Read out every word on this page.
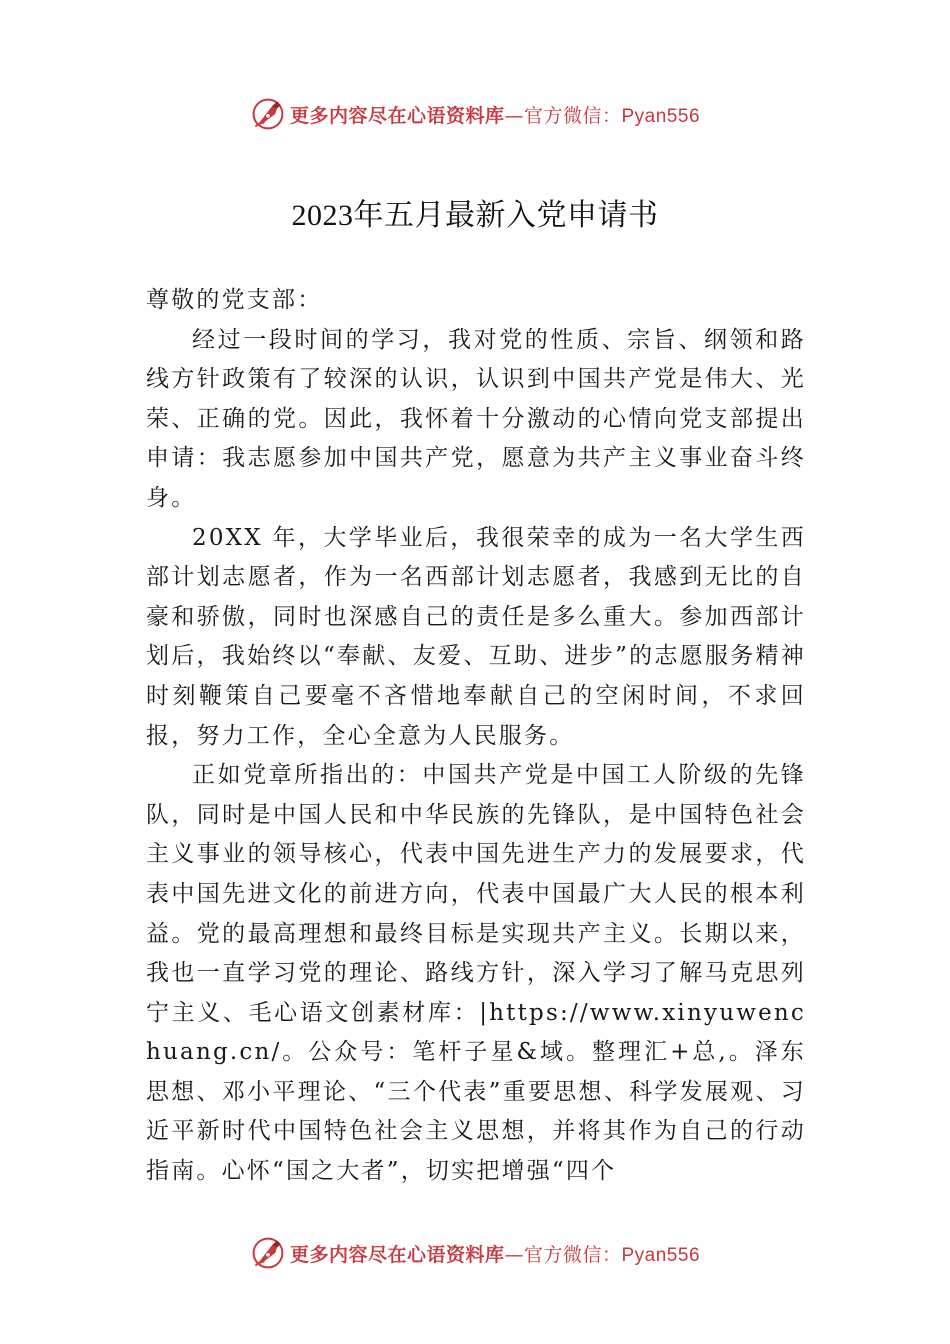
更多内容尽在心语资料库—官方微信：Pyan556
2023年五月最新入党申请书

尊敬的党支部：

经过一段时间的学习，我对党的性质、宗旨、纲领和路线方针政策有了较深的认识，认识到中国共产党是伟大、光荣、正确的党。因此，我怀着十分激动的心情向党支部提出申请：我志愿参加中国共产党，愿意为共产主义事业奋斗终身。

20XX 年，大学毕业后，我很荣幸的成为一名大学生西部计划志愿者，作为一名西部计划志愿者，我感到无比的自豪和骄傲，同时也深感自己的责任是多么重大。参加西部计划后，我始终以“奉献、友爱、互助、进步”的志愿服务精神时刻鞭策自己要毫不吝惜地奉献自己的空闲时间，不求回报，努力工作，全心全意为人民服务。

正如党章所指出的：中国共产党是中国工人阶级的先锋队，同时是中国人民和中华民族的先锋队，是中国特色社会主义事业的领导核心，代表中国先进生产力的发展要求，代表中国先进文化的前进方向，代表中国最广大人民的根本利益。党的最高理想和最终目标是实现共产主义。长期以来，我也一直学习党的理论、路线方针，深入学习了解马克思列宁主义、毛心语文创素材库：|https://www.xinyuwenchuang.cn/。公众号：笔杆子星&域。整理汇+总,。泽东思想、邓小平理论、“三个代表”重要思想、科学发展观、习近平新时代中国特色社会主义思想，并将其作为自己的行动指南。心怀“国之大者”，切实把增强“四个

更多内容尽在心语资料库—官方微信：Pyan556
